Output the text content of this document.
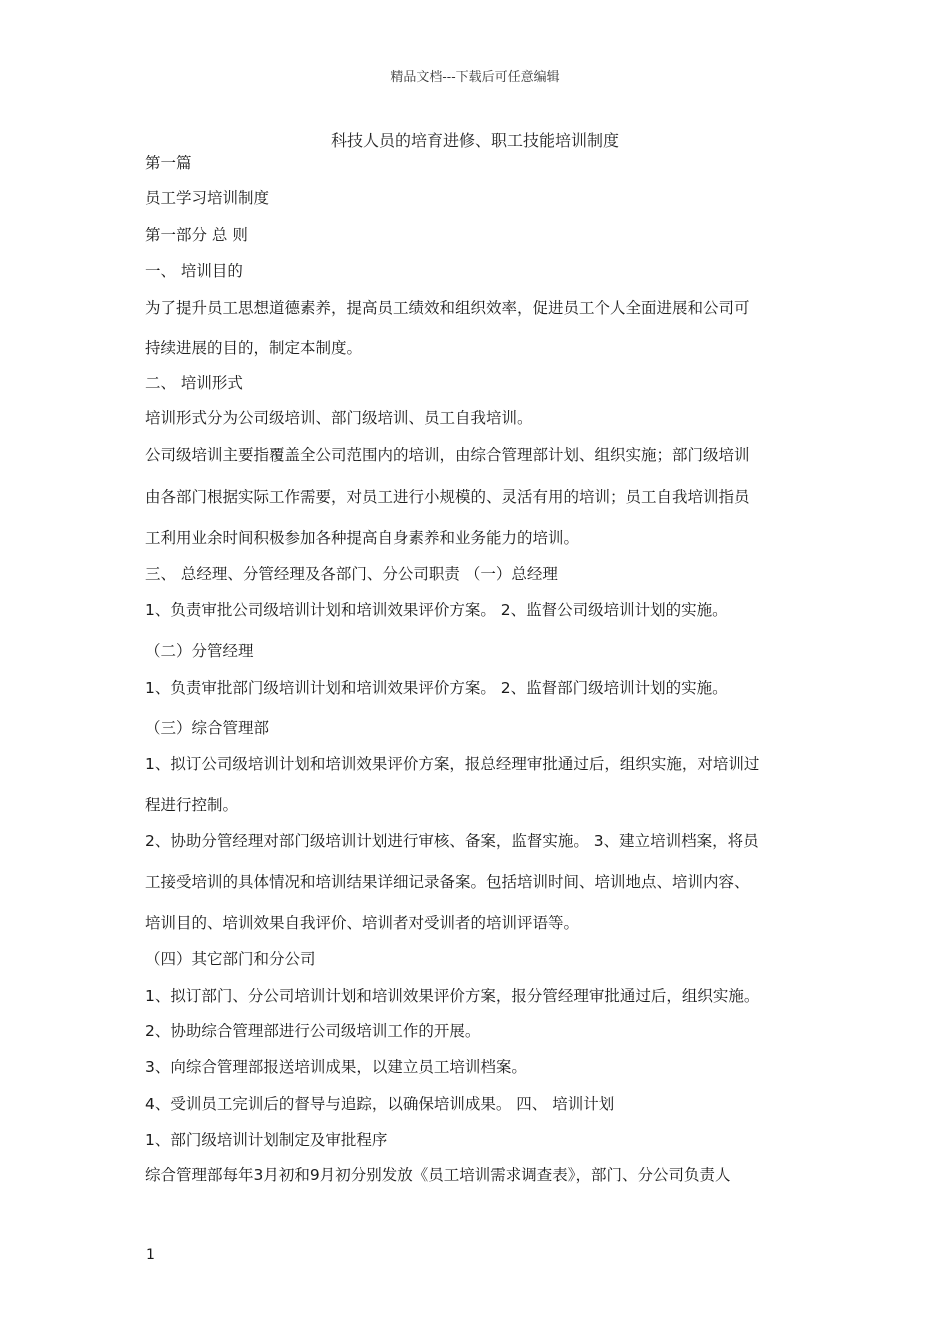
精品文档---下载后可任意编辑
科技人员的培育进修、职工技能培训制度
第一篇
员工学习培训制度
第一部分 总 则
一、 培训目的
为了提升员工思想道德素养，提高员工绩效和组织效率，促进员工个人全面进展和公司可
持续进展的目的，制定本制度。
二、 培训形式
培训形式分为公司级培训、部门级培训、员工自我培训。
公司级培训主要指覆盖全公司范围内的培训，由综合管理部计划、组织实施；部门级培训
由各部门根据实际工作需要，对员工进行小规模的、灵活有用的培训；员工自我培训指员
工利用业余时间积极参加各种提高自身素养和业务能力的培训。
三、 总经理、分管经理及各部门、分公司职责 （一）总经理
1、负责审批公司级培训计划和培训效果评价方案。 2、监督公司级培训计划的实施。
（二）分管经理
1、负责审批部门级培训计划和培训效果评价方案。 2、监督部门级培训计划的实施。
（三）综合管理部
1、拟订公司级培训计划和培训效果评价方案，报总经理审批通过后，组织实施，对培训过
程进行控制。
2、协助分管经理对部门级培训计划进行审核、备案，监督实施。 3、建立培训档案，将员
工接受培训的具体情况和培训结果详细记录备案。包括培训时间、培训地点、培训内容、
培训目的、培训效果自我评价、培训者对受训者的培训评语等。
（四）其它部门和分公司
1、拟订部门、分公司培训计划和培训效果评价方案，报分管经理审批通过后，组织实施。
2、协助综合管理部进行公司级培训工作的开展。
3、向综合管理部报送培训成果，以建立员工培训档案。
4、受训员工完训后的督导与追踪，以确保培训成果。 四、 培训计划
1、部门级培训计划制定及审批程序
综合管理部每年3月初和9月初分别发放《员工培训需求调查表》，部门、分公司负责人
1
